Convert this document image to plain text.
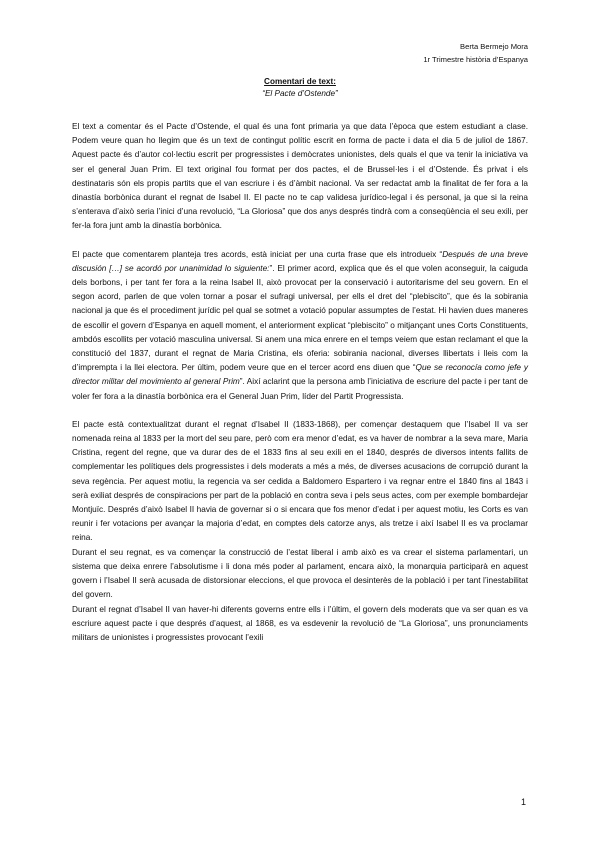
Berta Bermejo Mora
1r Trimestre història d’Espanya
Comentari de text:
“El Pacte d’Ostende”

El text a comentar és el Pacte d’Ostende, el qual és una font primaria ya que data l’època que estem estudiant a clase. Podem veure quan ho llegim que és un text de contingut polític escrit en forma de pacte i data el dia 5 de juliol de 1867. Aquest pacte és d’autor col·lectiu escrit per progressistes i demòcrates unionistes, dels quals el que va tenir la iniciativa va ser el general Juan Prim. El text original fou format per dos pactes, el de Brussel·les i el d’Ostende. És privat i els destinataris són els propis partits que el van escriure i és d’àmbit nacional. Va ser redactat amb la finalitat de fer fora a la dinastía borbònica durant el regnat de Isabel II. El pacte no te cap validesa jurídico-legal i és personal, ja que si la reina s’enterava d’això seria l’inici d’una revolució, “La Gloriosa” que dos anys després tindrà com a conseqüència el seu exili, per fer-la fora junt amb la dinastía borbònica.

El pacte que comentarem planteja tres acords, està iniciat per una curta frase que els introdueix “Después de una breve discusión […] se acordó por unanimidad lo siguiente:”. El primer acord, explica que és el que volen aconseguir, la caiguda dels borbons, i per tant fer fora a la reina Isabel II, això provocat per la conservació i autoritarisme del seu govern. En el segon acord, parlen de que volen tornar a posar el sufragi universal, per ells el dret del “plebiscito”, que és la sobirania nacional ja que és el procediment jurídic pel qual se sotmet a votació popular assumptes de l’estat. Hi havien dues maneres de escollir el govern d’Espanya en aquell moment, el anteriorment explicat “plebiscito” o mitjançant unes Corts Constituents, ambdós escollits per votació masculina universal. Si anem una mica enrere en el temps veiem que estan reclamant el que la constitució del 1837, durant el regnat de Maria Cristina, els oferia: sobirania nacional, diverses llibertats i lleis com la d’imprempta i la llei electora. Per últim, podem veure que en el tercer acord ens diuen que “Que se reconocía como jefe y director militar del movimiento al general Prim”. Així aclarint que la persona amb l’iniciativa de escriure del pacte i per tant de voler fer fora a la dinastía borbònica era el General Juan Prim, líder del Partit Progressista.

El pacte està contextualitzat durant el regnat d’Isabel II (1833-1868), per començar destaquem que l’Isabel II va ser nomenada reina al 1833 per la mort del seu pare, però com era menor d’edat, es va haver de nombrar a la seva mare, Maria Cristina, regent del regne, que va durar des de el 1833 fins al seu exili en el 1840, després de diversos intents fallits de complementar les polítiques dels progressistes i dels moderats a més a més, de diverses acusacions de corrupció durant la seva regència. Per aquest motiu, la regencia va ser cedida a Baldomero Espartero i va regnar entre el 1840 fins al 1843 i serà exiliat després de conspiracions per part de la població en contra seva i pels seus actes, com per exemple bombardejar Montjuïc. Després d’això Isabel II havia de governar si o si encara que fos menor d’edat i per aquest motiu, les Corts es van reunir i fer votacions per avançar la majoria d’edat, en comptes dels catorze anys, als tretze i així Isabel II es va proclamar reina.

Durant el seu regnat, es va començar la construcció de l’estat liberal i amb això es va crear el sistema parlamentari, un sistema que deixa enrere l’absolutisme i li dona més poder al parlament, encara això, la monarquia participarà en aquest govern i l’Isabel II serà acusada de distorsionar eleccions, el que provoca el desinterès de la població i per tant l’inestabilitat del govern.

Durant el regnat d’Isabel II van haver-hi diferents governs entre ells i l’últim, el govern dels moderats que va ser quan es va escriure aquest pacte i que després d’aquest, al 1868, es va esdevenir la revolució de “La Gloriosa”, uns pronunciaments militars de unionistes i progressistes provocant l’exili

1
